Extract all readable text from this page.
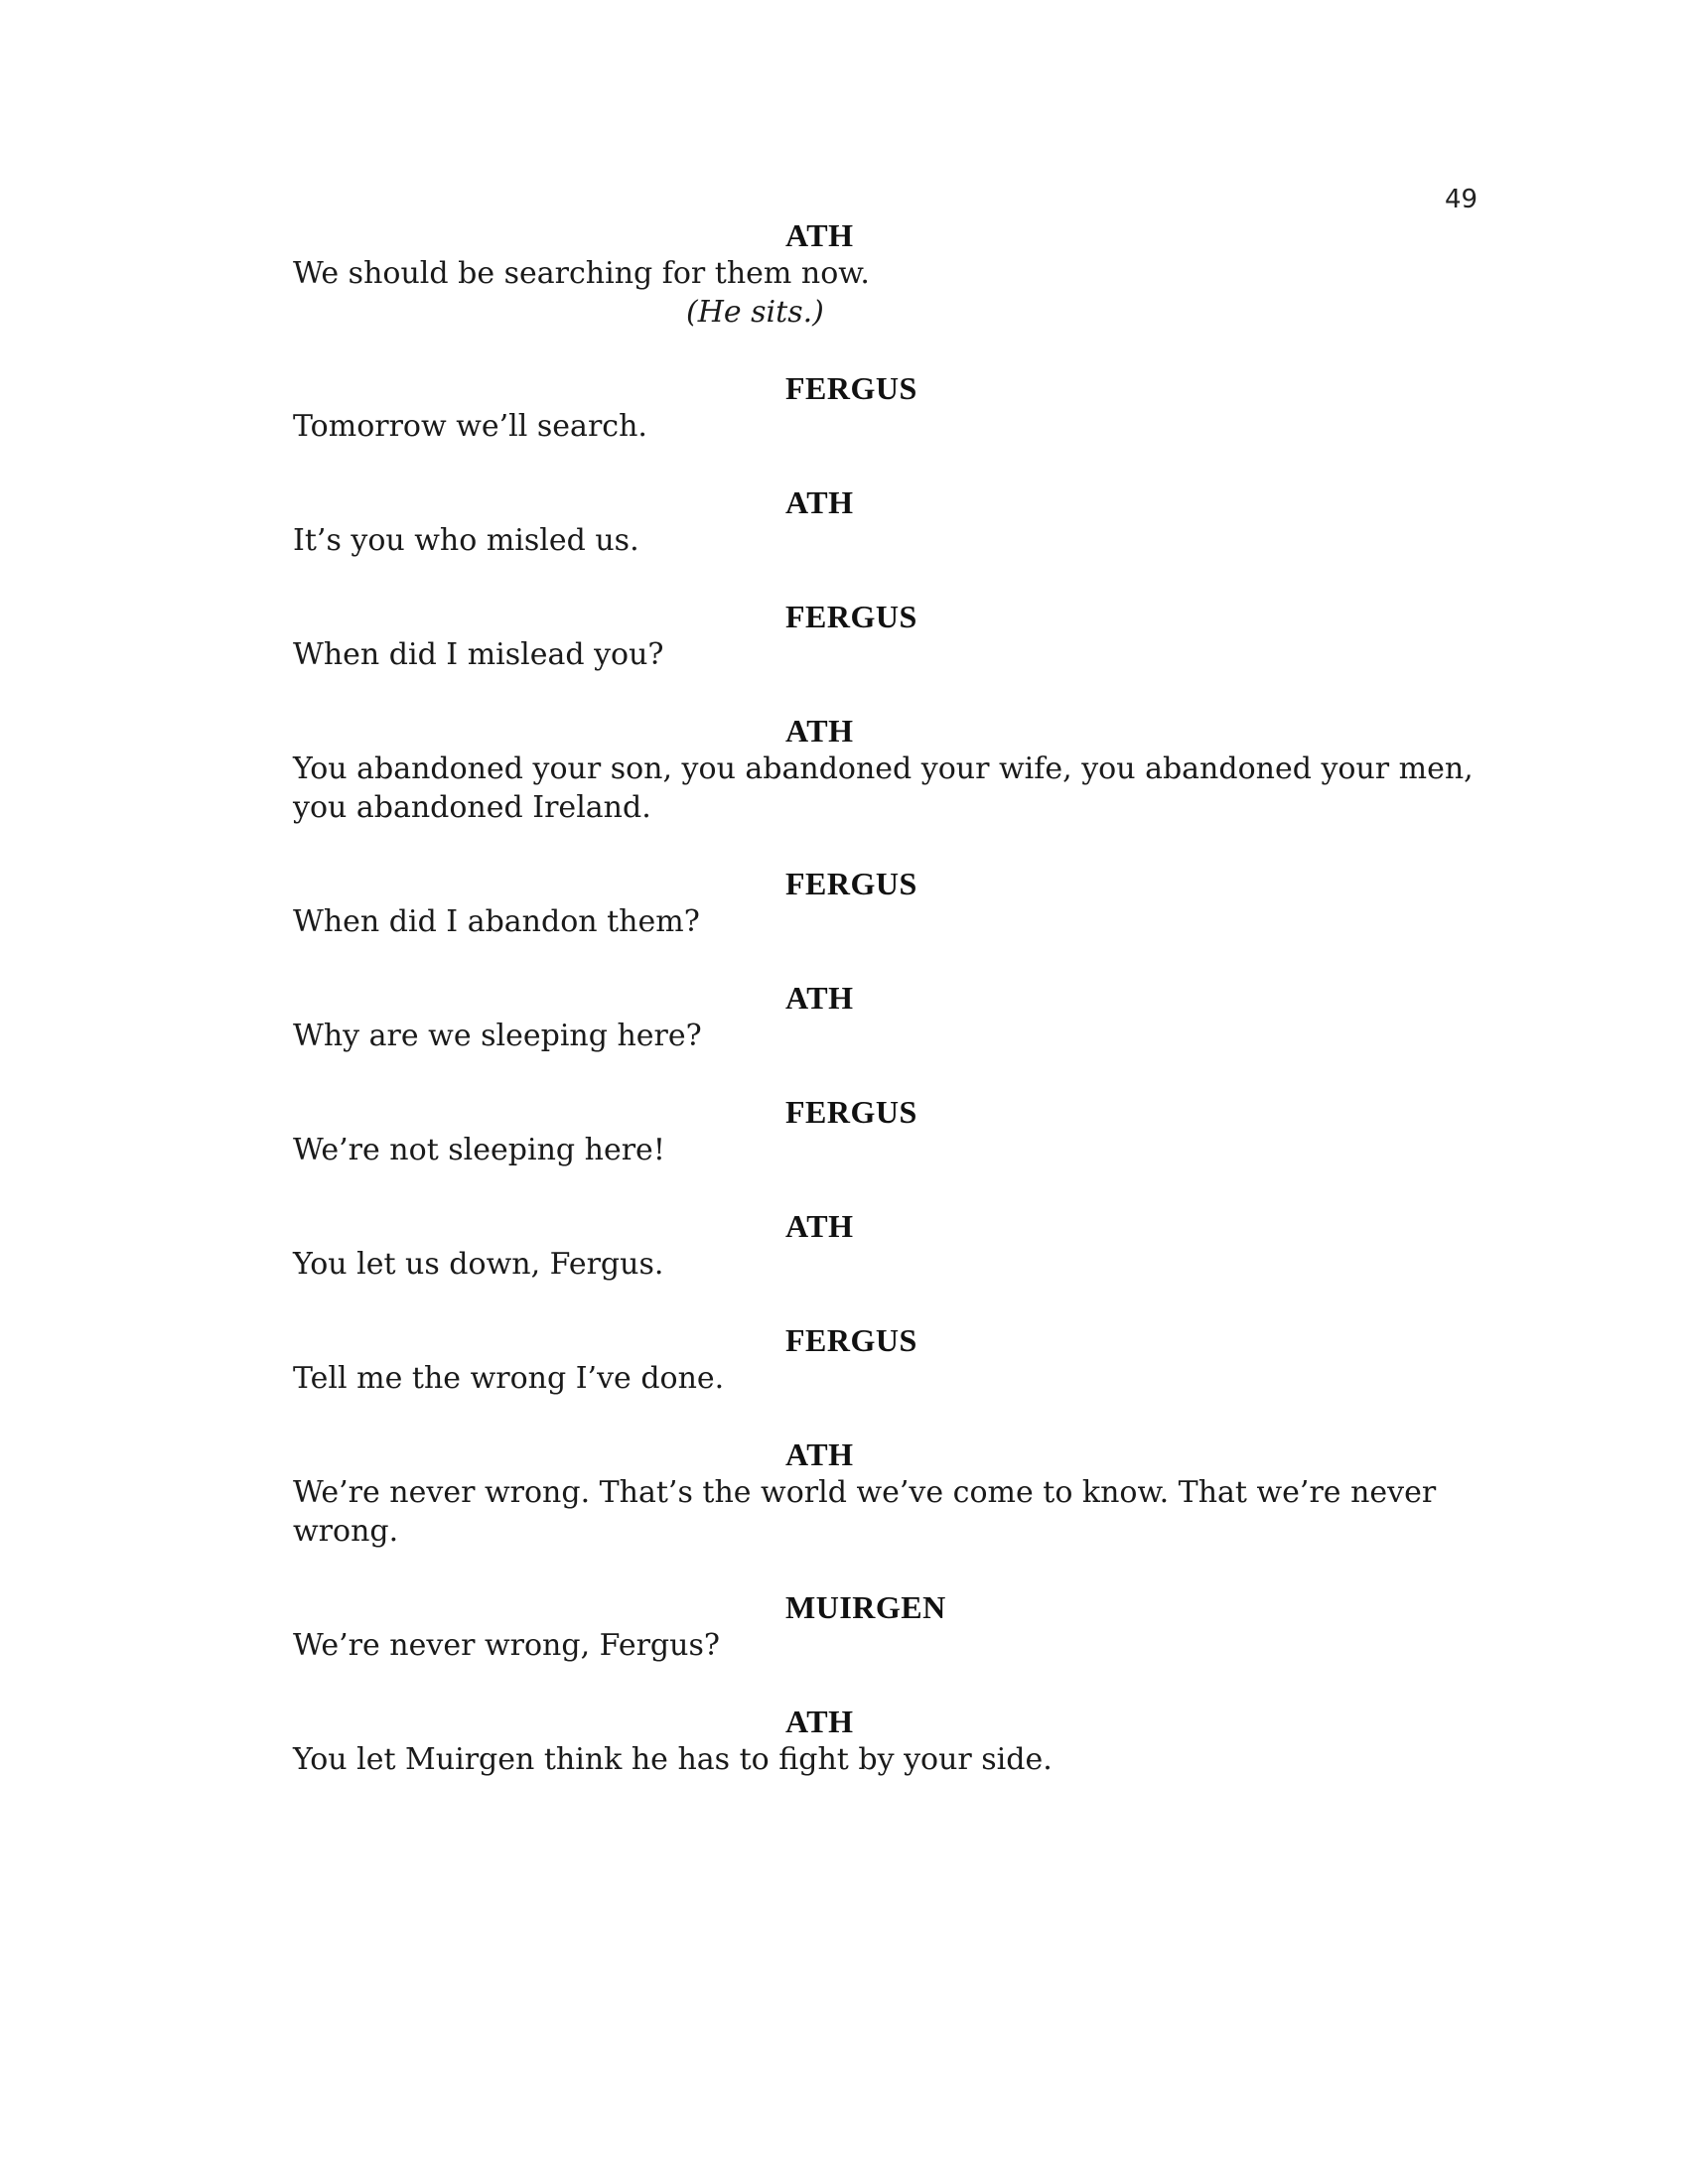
49
ATH
We should be searching for them now.
(He sits.)
FERGUS
Tomorrow we’ll search.
ATH
It’s you who misled us.
FERGUS
When did I mislead you?
ATH
You abandoned your son, you abandoned your wife, you abandoned your men,
you abandoned Ireland.
FERGUS
When did I abandon them?
ATH
Why are we sleeping here?
FERGUS
We’re not sleeping here!
ATH
You let us down, Fergus.
FERGUS
Tell me the wrong I’ve done.
ATH
We’re never wrong. That’s the world we’ve come to know. That we’re never
wrong.
MUIRGEN
We’re never wrong, Fergus?
ATH
You let Muirgen think he has to fight by your side.
